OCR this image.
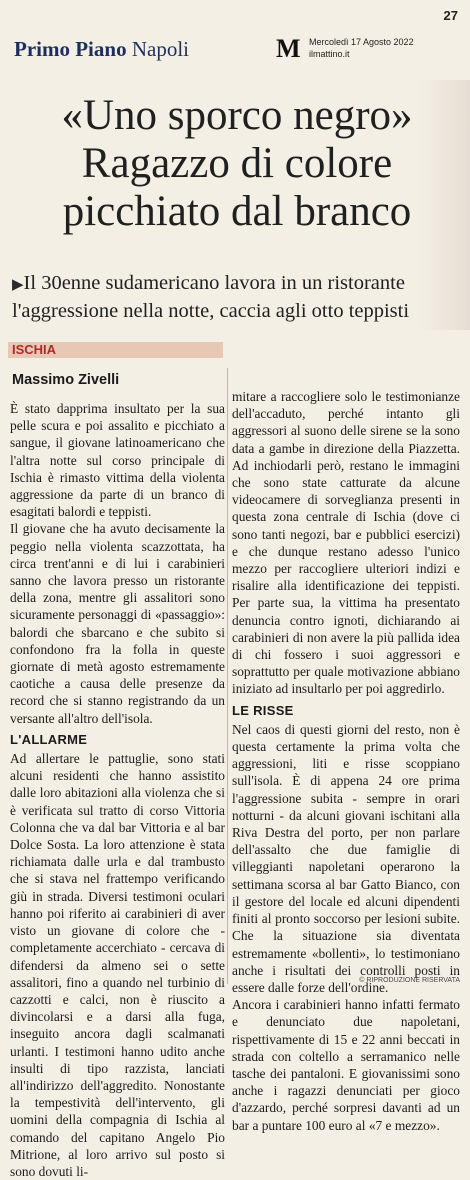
Primo Piano Napoli	M Mercoledì 17 Agosto 2022
ilmattino.it
27
«Uno sporco negro»
Ragazzo di colore
picchiato dal branco
▶Il 30enne sudamericano lavora in un ristorante
l'aggressione nella notte, caccia agli otto teppisti
ISCHIA
Massimo Zivelli

È stato dapprima insultato per la sua pelle scura e poi assalito e picchiato a sangue, il giovane latinoamericano che l'altra notte sul corso principale di Ischia è rimasto vittima della violenta aggressione da parte di un branco di esagitati balordi e teppisti.

Il giovane che ha avuto decisamente la peggio nella violenta scazzottata, ha circa trent'anni e di lui i carabinieri sanno che lavora presso un ristorante della zona, mentre gli assalitori sono sicuramente personaggi di «passaggio»: balordi che sbarcano e che subito si confondono fra la folla in queste giornate di metà agosto estremamente caotiche a causa delle presenze da record che si stanno registrando da un versante all'altro dell'isola.

L'ALLARME

Ad allertare le pattuglie, sono stati alcuni residenti che hanno assistito dalle loro abitazioni alla violenza che si è verificata sul tratto di corso Vittoria Colonna che va dal bar Vittoria e al bar Dolce Sosta. La loro attenzione è stata richiamata dalle urla e dal trambusto che si stava nel frattempo verificando giù in strada. Diversi testimoni oculari hanno poi riferito ai carabinieri di aver visto un giovane di colore che - completamente accerchiato - cercava di difendersi da almeno sei o sette assalitori, fino a quando nel turbinio di cazzotti e calci, non è riuscito a divincolarsi e a darsi alla fuga, inseguito ancora dagli scalmanati urlanti. I testimoni hanno udito anche insulti di tipo razzista, lanciati all'indirizzo dell'aggredito. Nonostante la tempestività dell'intervento, gli uomini della compagnia di Ischia al comando del capitano Angelo Pio Mitrione, al loro arrivo sul posto si sono dovuti li-

mitare a raccogliere solo le testimonianze dell'accaduto, perché intanto gli aggressori al suono delle sirene se la sono data a gambe in direzione della Piazzetta. Ad inchiodarli però, restano le immagini che sono state catturate da alcune videocamere di sorveglianza presenti in questa zona centrale di Ischia (dove ci sono tanti negozi, bar e pubblici esercizi) e che dunque restano adesso l'unico mezzo per raccogliere ulteriori indizi e risalire alla identificazione dei teppisti. Per parte sua, la vittima ha presentato denuncia contro ignoti, dichiarando ai carabinieri di non avere la più pallida idea di chi fossero i suoi aggressori e soprattutto per quale motivazione abbiano iniziato ad insultarlo per poi aggredirlo.

LE RISSE

Nel caos di questi giorni del resto, non è questa certamente la prima volta che aggressioni, liti e risse scoppiano sull'isola. È di appena 24 ore prima l'aggressione subita - sempre in orari notturni - da alcuni giovani ischitani alla Riva Destra del porto, per non parlare dell'assalto che due famiglie di villeggianti napoletani operarono la settimana scorsa al bar Gatto Bianco, con il gestore del locale ed alcuni dipendenti finiti al pronto soccorso per lesioni subite. Che la situazione sia diventata estremamente «bollenti», lo testimoniano anche i risultati dei controlli posti in essere dalle forze dell'ordine.

Ancora i carabinieri hanno infatti fermato e denunciato due napoletani, rispettivamente di 15 e 22 anni beccati in strada con coltello a serramanico nelle tasche dei pantaloni. E giovanissimi sono anche i ragazzi denunciati per gioco d'azzardo, perché sorpresi davanti ad un bar a puntare 100 euro al «7 e mezzo».

© RIPRODUZIONE RISERVATA
